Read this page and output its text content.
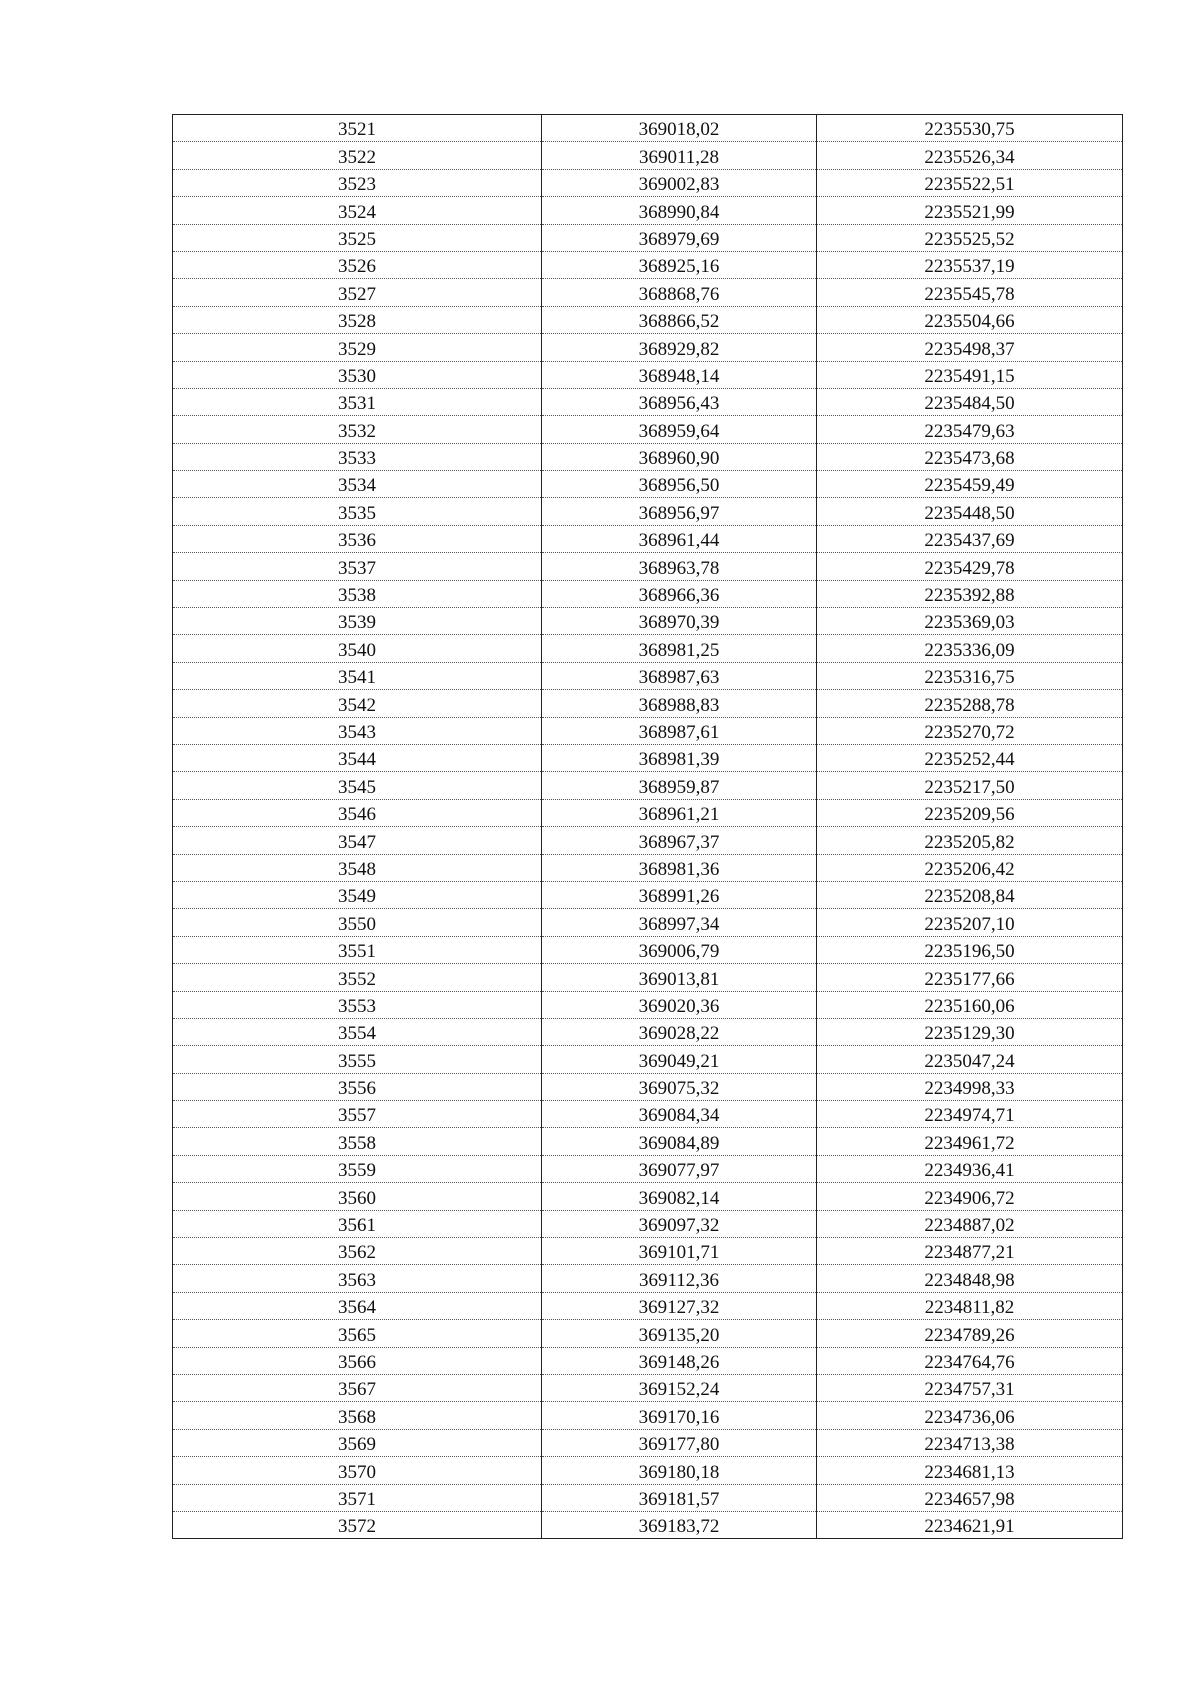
3521	369018,02	2235530,75
3522	369011,28	2235526,34
3523	369002,83	2235522,51
3524	368990,84	2235521,99
3525	368979,69	2235525,52
3526	368925,16	2235537,19
3527	368868,76	2235545,78
3528	368866,52	2235504,66
3529	368929,82	2235498,37
3530	368948,14	2235491,15
3531	368956,43	2235484,50
3532	368959,64	2235479,63
3533	368960,90	2235473,68
3534	368956,50	2235459,49
3535	368956,97	2235448,50
3536	368961,44	2235437,69
3537	368963,78	2235429,78
3538	368966,36	2235392,88
3539	368970,39	2235369,03
3540	368981,25	2235336,09
3541	368987,63	2235316,75
3542	368988,83	2235288,78
3543	368987,61	2235270,72
3544	368981,39	2235252,44
3545	368959,87	2235217,50
3546	368961,21	2235209,56
3547	368967,37	2235205,82
3548	368981,36	2235206,42
3549	368991,26	2235208,84
3550	368997,34	2235207,10
3551	369006,79	2235196,50
3552	369013,81	2235177,66
3553	369020,36	2235160,06
3554	369028,22	2235129,30
3555	369049,21	2235047,24
3556	369075,32	2234998,33
3557	369084,34	2234974,71
3558	369084,89	2234961,72
3559	369077,97	2234936,41
3560	369082,14	2234906,72
3561	369097,32	2234887,02
3562	369101,71	2234877,21
3563	369112,36	2234848,98
3564	369127,32	2234811,82
3565	369135,20	2234789,26
3566	369148,26	2234764,76
3567	369152,24	2234757,31
3568	369170,16	2234736,06
3569	369177,80	2234713,38
3570	369180,18	2234681,13
3571	369181,57	2234657,98
3572	369183,72	2234621,91
